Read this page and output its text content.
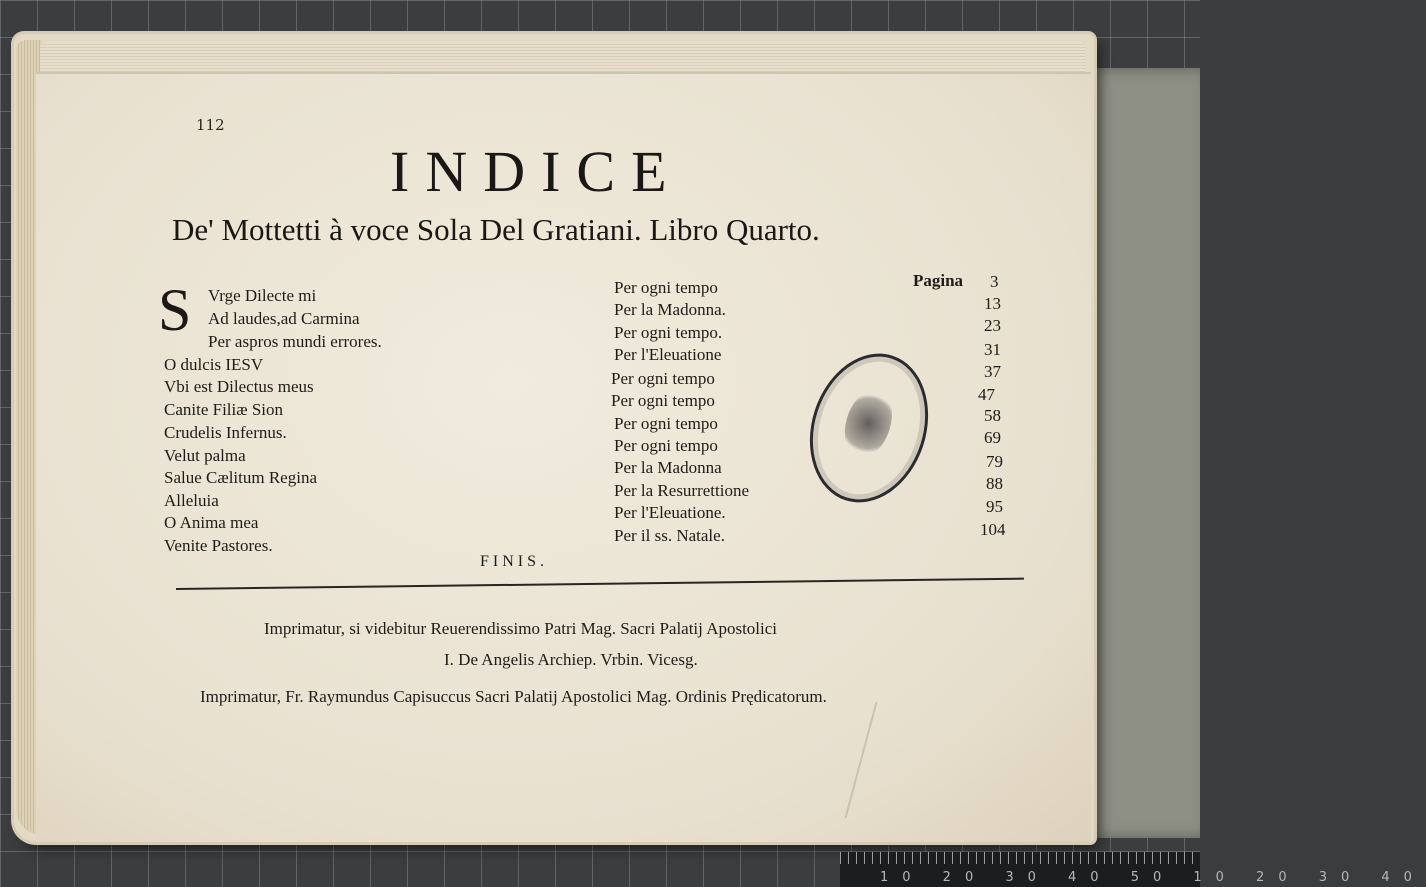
112
INDICE
De' Mottetti à voce Sola Del Gratiani. Libro Quarto.
S Vrge Dilecte mi
Ad laudes,ad Carmina
Per aspros mundi errores.
O dulcis IESV
Vbi est Dilectus meus
Canite Filiæ Sion
Crudelis Infernus.
Velut palma
Salue Cælitum Regina
Alleluia
O Anima mea
Venite Pastores.
Per ogni tempo
Per la Madonna.
Per ogni tempo.
Per l'Eleuatione
Per ogni tempo
Per ogni tempo
Per ogni tempo
Per ogni tempo
Per la Madonna
Per la Resurrettione
Per l'Eleuatione.
Per il ss. Natale.
Pagina 3
13
23
31
37
47
58
69
79
88
95
104
FINIS.
Imprimatur, si videbitur Reuerendissimo Patri Mag. Sacri Palatij Apostolici
I. De Angelis Archiep. Vrbin. Vicesg.
Imprimatur, Fr. Raymundus Capisuccus Sacri Palatij Apostolici Mag. Ordinis Prędicatorum.
10 20 30 40 50 10 20 30 40
